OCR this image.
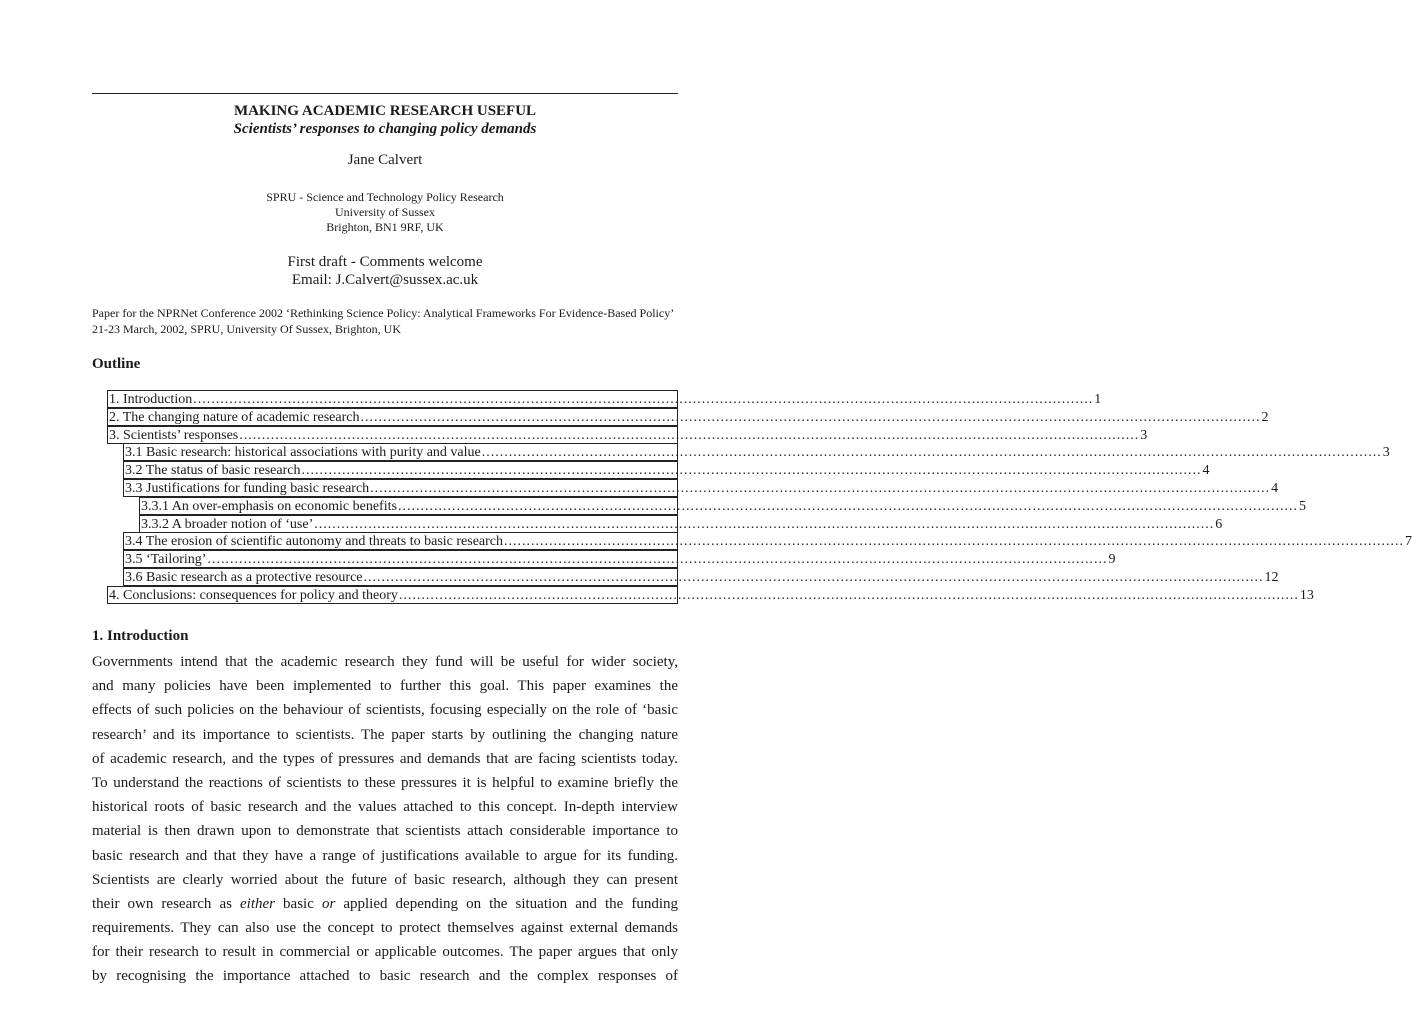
MAKING ACADEMIC RESEARCH USEFUL
Scientists’ responses to changing policy demands
Jane Calvert
SPRU - Science and Technology Policy Research
University of Sussex
Brighton, BN1 9RF, UK
First draft - Comments welcome
Email: J.Calvert@sussex.ac.uk
Paper for the NPRNet Conference 2002 ‘Rethinking Science Policy: Analytical Frameworks For Evidence-Based Policy’ 21-23 March, 2002, SPRU, University Of Sussex, Brighton, UK
Outline
1. Introduction ........................................................................................................................................................................................................ 1
2. The changing nature of academic research ........................................................................................................................................................................................................ 2
3. Scientists’ responses ........................................................................................................................................................................................................ 3
3.1 Basic research: historical associations with purity and value ........................................................................................................................................................................................................ 3
3.2 The status of basic research ........................................................................................................................................................................................................ 4
3.3 Justifications for funding basic research ........................................................................................................................................................................................................ 4
3.3.1 An over-emphasis on economic benefits ........................................................................................................................................................................................................ 5
3.3.2 A broader notion of ‘use’ ........................................................................................................................................................................................................ 6
3.4 The erosion of scientific autonomy and threats to basic research ........................................................................................................................................................................................................ 7
3.5 ‘Tailoring’ ........................................................................................................................................................................................................ 9
3.6 Basic research as a protective resource ........................................................................................................................................................................................................ 12
4. Conclusions: consequences for policy and theory ........................................................................................................................................................................................................ 13
1. Introduction
Governments intend that the academic research they fund will be useful for wider society,
and many policies have been implemented to further this goal. This paper examines the
effects of such policies on the behaviour of scientists, focusing especially on the role of ‘basic
research’ and its importance to scientists. The paper starts by outlining the changing nature
of academic research, and the types of pressures and demands that are facing scientists today.
To understand the reactions of scientists to these pressures it is helpful to examine briefly the
historical roots of basic research and the values attached to this concept. In-depth interview
material is then drawn upon to demonstrate that scientists attach considerable importance to
basic research and that they have a range of justifications available to argue for its funding.
Scientists are clearly worried about the future of basic research, although they can present
their own research as either basic or applied depending on the situation and the funding
requirements. They can also use the concept to protect themselves against external demands
for their research to result in commercial or applicable outcomes. The paper argues that only
by recognising the importance attached to basic research and the complex responses of
